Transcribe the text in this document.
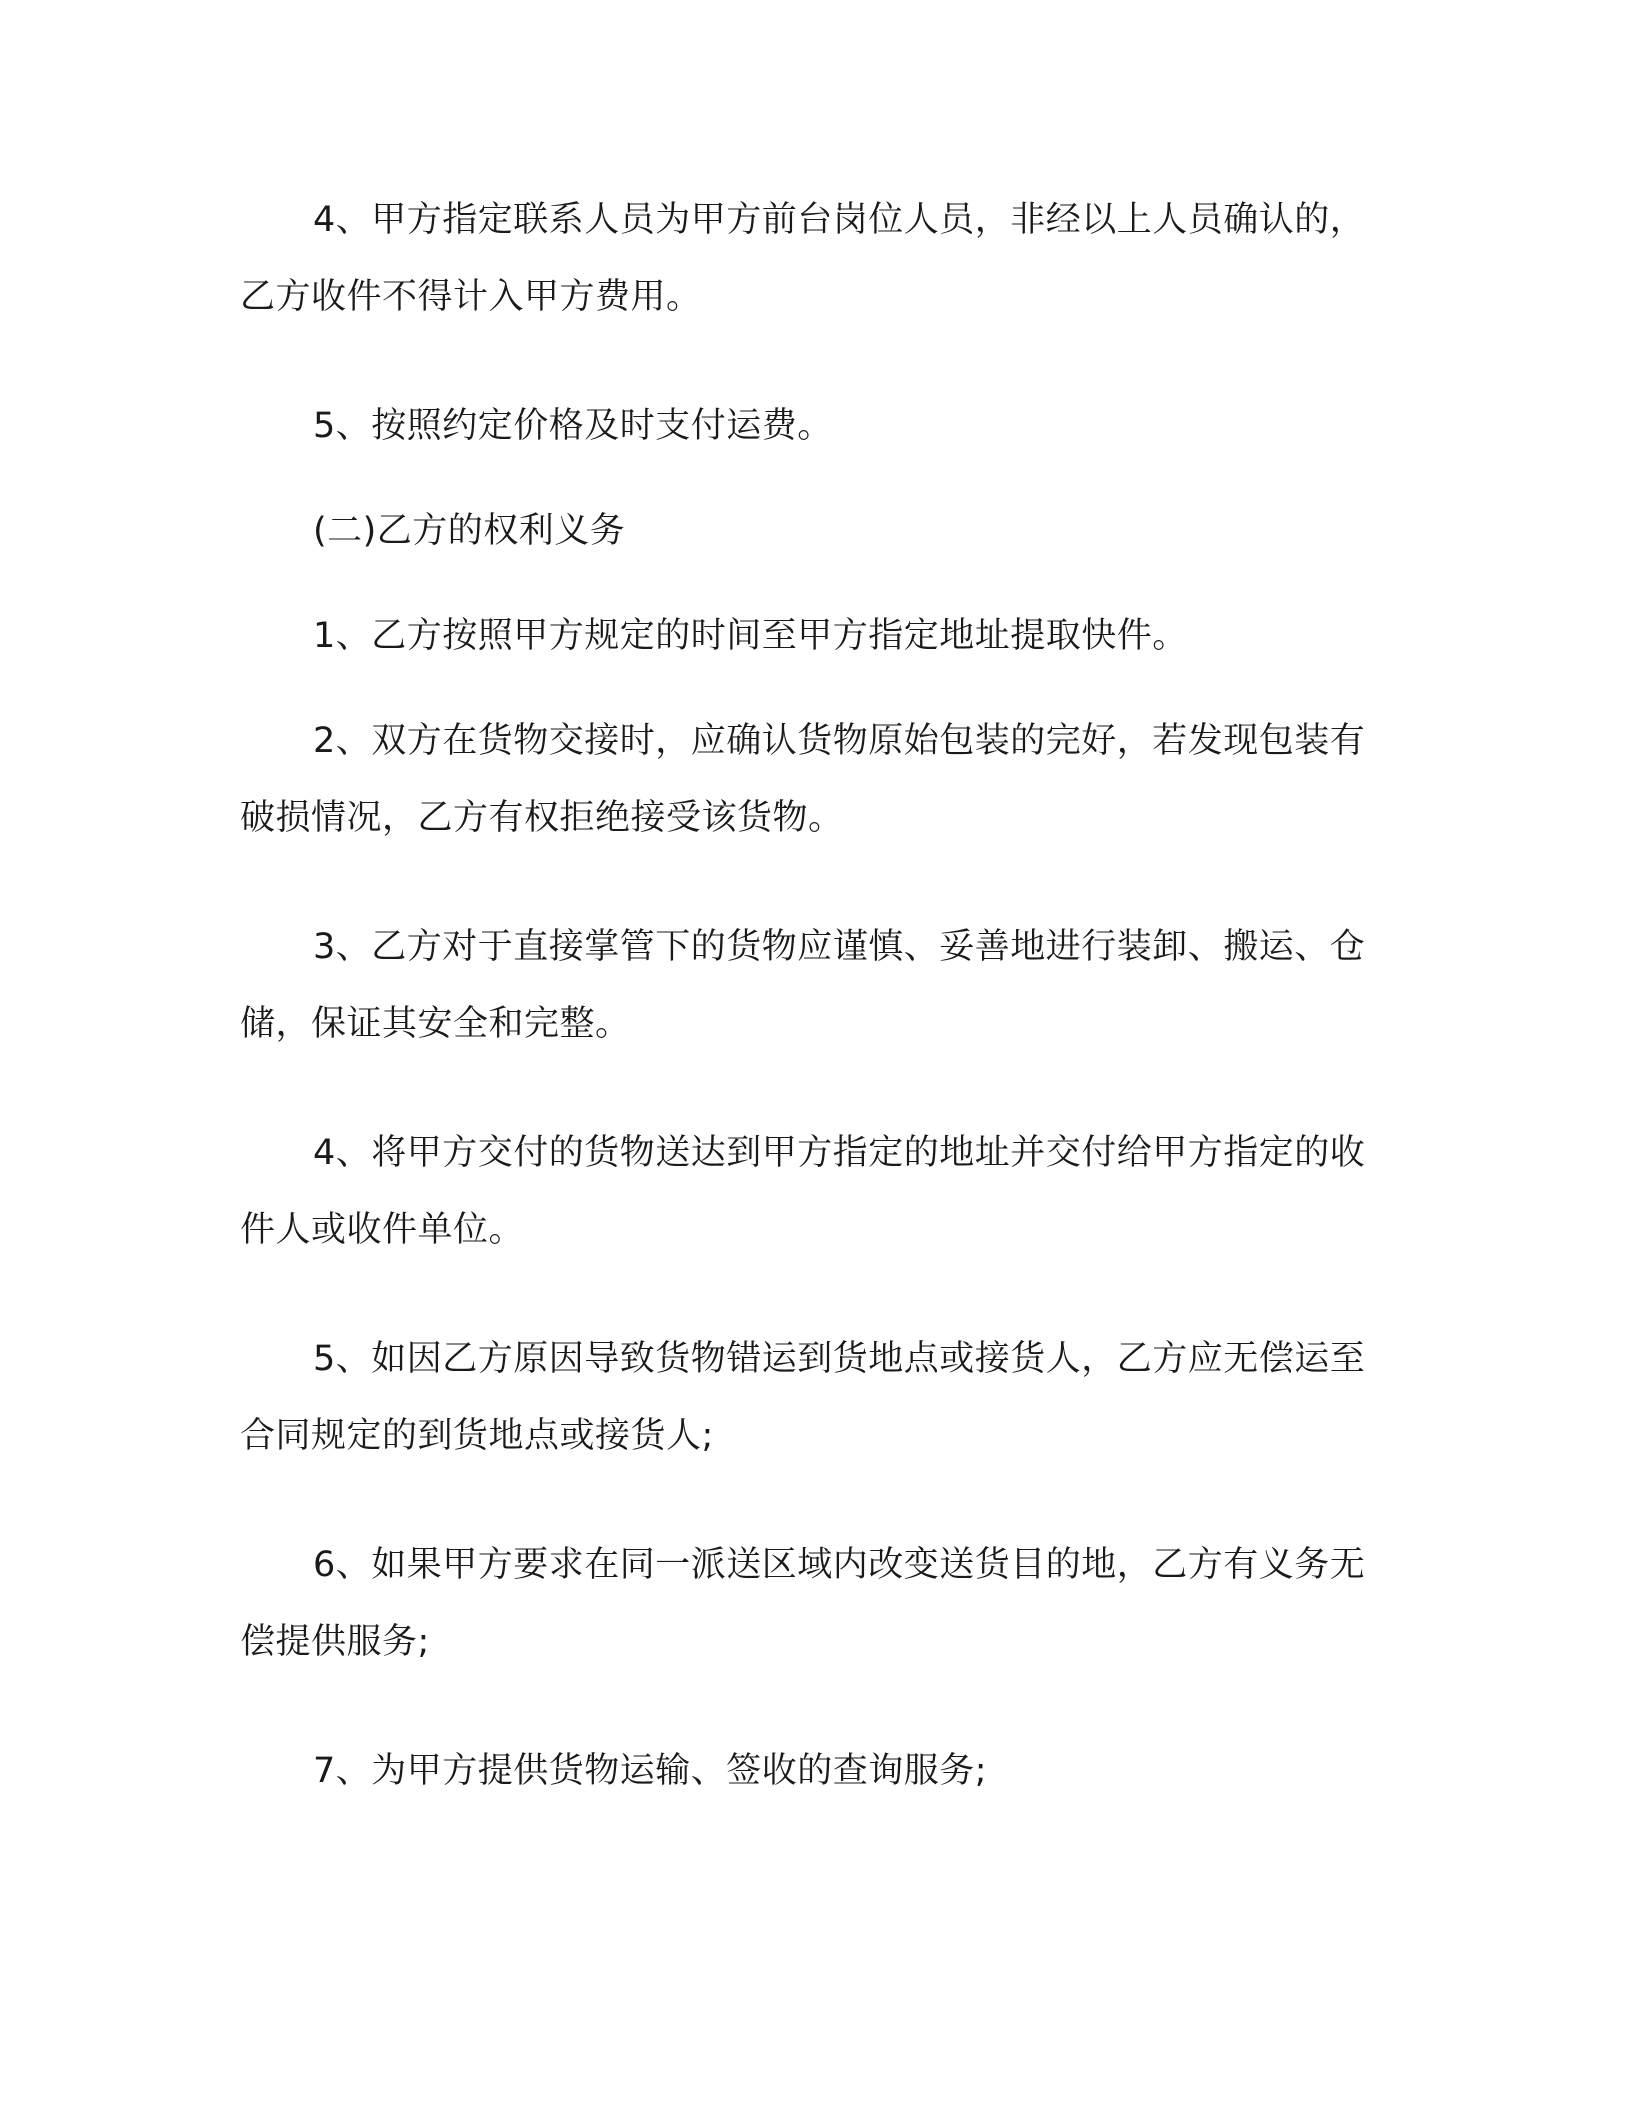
4、甲方指定联系人员为甲方前台岗位人员，非经以上人员确认的，乙方收件不得计入甲方费用。

5、按照约定价格及时支付运费。

(二)乙方的权利义务

1、乙方按照甲方规定的时间至甲方指定地址提取快件。

2、双方在货物交接时，应确认货物原始包装的完好，若发现包装有破损情况，乙方有权拒绝接受该货物。

3、乙方对于直接掌管下的货物应谨慎、妥善地进行装卸、搬运、仓储，保证其安全和完整。

4、将甲方交付的货物送达到甲方指定的地址并交付给甲方指定的收件人或收件单位。

5、如因乙方原因导致货物错运到货地点或接货人，乙方应无偿运至合同规定的到货地点或接货人;

6、如果甲方要求在同一派送区域内改变送货目的地，乙方有义务无偿提供服务;

7、为甲方提供货物运输、签收的查询服务;
